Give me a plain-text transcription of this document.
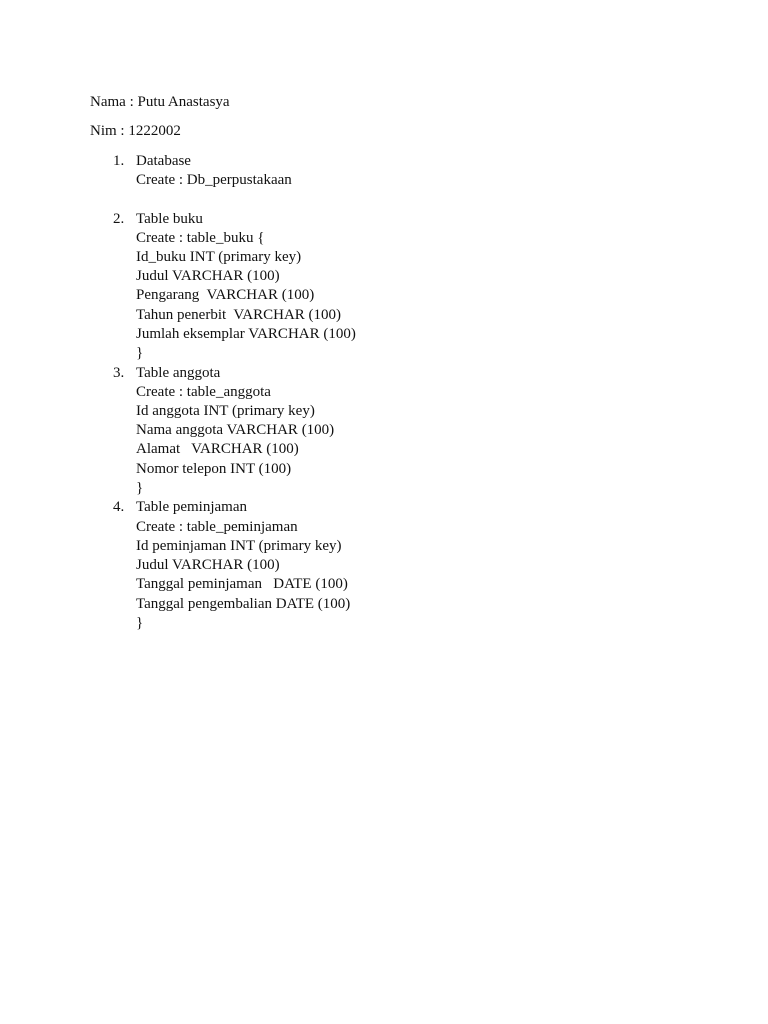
Nama : Putu Anastasya
Nim : 1222002
1. Database
Create : Db_perpustakaan
2. Table buku
Create : table_buku {
Id_buku INT (primary key)
Judul VARCHAR (100)
Pengarang  VARCHAR (100)
Tahun penerbit  VARCHAR (100)
Jumlah eksemplar VARCHAR (100)
}
3. Table anggota
Create : table_anggota
Id anggota INT (primary key)
Nama anggota VARCHAR (100)
Alamat   VARCHAR (100)
Nomor telepon INT (100)
}
4. Table peminjaman
Create : table_peminjaman
Id peminjaman INT (primary key)
Judul VARCHAR (100)
Tanggal peminjaman   DATE (100)
Tanggal pengembalian DATE (100)
}
